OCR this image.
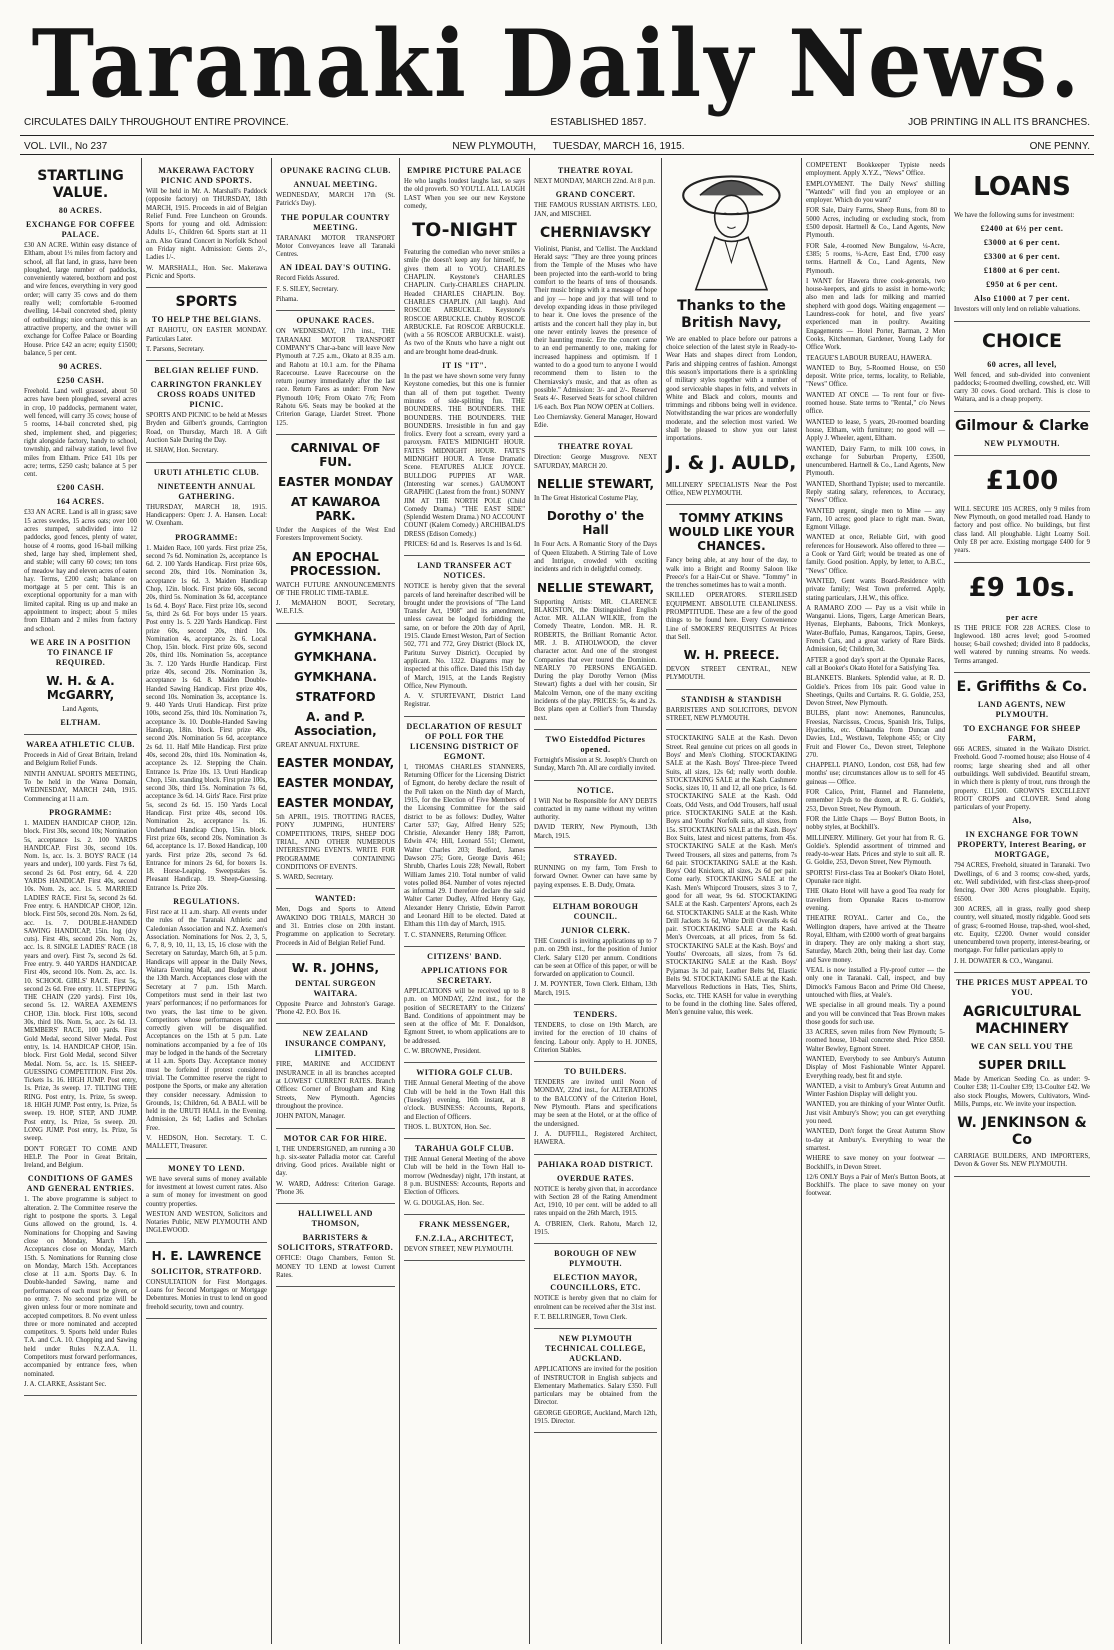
Taranaki Daily News.
CIRCULATES DAILY THROUGHOUT ENTIRE PROVINCE.	ESTABLISHED 1857.	JOB PRINTING IN ALL ITS BRANCHES.
VOL. LVII., No 237	NEW PLYMOUTH, TUESDAY, MARCH 16, 1915.	ONE PENNY.
STARTLING VALUE.
80 ACRES.
EXCHANGE FOR COFFEE PALACE.

£30 AN ACRE. Within easy distance of Eltham, about 1½ miles from factory and school, all flat land, in grass, have been ploughed, large number of paddocks, conveniently watered, boxthorn and post and wire fences, everything in very good order; will carry 35 cows and do them really well; comfortable 6-roomed dwelling, 14-bail concreted shed, plenty of outbuildings; nice orchard; this is an attractive property, and the owner will exchange for Coffee Palace or Boarding House. Price £42 an acre; equity £1500; balance, 5 per cent.

90 ACRES.
£250 CASH.

Freehold. Land well grassed, about 50 acres have been ploughed, several acres in crop, 10 paddocks, permanent water, well fenced, will carry 35 cows; house of 5 rooms, 14-bail concreted shed, pig shed, implement shed, and piggeries; right alongside factory, handy to school, township, and railway station, level five miles from Eltham. Price £41 10s per acre; terms, £250 cash; balance at 5 per cent.

£200 CASH.
164 ACRES.

£33 AN ACRE. Land is all in grass; save 15 acres swedes, 15 acres oats; over 100 acres stumped, subdivided into 12 paddocks, good fences, plenty of water, house of 4 rooms, good 16-bail milking shed, large hay shed, implement shed, and stable; will carry 60 cows; ten tons of meadow hay and eleven acres of oaten hay. Terms, £200 cash; balance on mortgage at 5 per cent. This is an exceptional opportunity for a man with limited capital. Ring us up and make an appointment to inspect; about 5 miles from Eltham and 2 miles from factory and school.

WE ARE IN A POSITION TO FINANCE IF REQUIRED.
W. H. & A. McGARRY,
Land Agents,
ELTHAM.
WAREA ATHLETIC CLUB.

Proceeds in Aid of Great Britain, Ireland and Belgium Relief Funds.

NINTH ANNUAL SPORTS MEETING, To be held in the Warea Domain, WEDNESDAY, MARCH 24th, 1915. Commencing at 11 a.m.

PROGRAMME:

1. MAIDEN HANDICAP CHOP, 12in. block. First 30s, second 10s; Nomination 5s, acceptance 1s. 2. 100 YARDS HANDICAP. First 30s, second 10s. Nom. 1s, acc. 1s. 3. BOYS' RACE (14 years and under), 100 yards. First 7s 6d, second 2s 6d. Post entry, 6d. 4. 220 YARDS HANDICAP. First 40s, second 10s. Nom. 2s, acc. 1s. 5. MARRIED LADIES' RACE. First 5s, second 2s 6d. Free entry. 6. HANDICAP CHOP, 12in. block. First 50s, second 20s. Nom. 2s 6d, acc. 1s. 7. DOUBLE-HANDED SAWING HANDICAP, 15in. log (dry cuts). First 40s, second 20s. Nom. 2s, acc. 1s. 8. SINGLE LADIES' RACE (18 years and over). First 7s, second 2s 6d. Free entry. 9. 440 YARDS HANDICAP. First 40s, second 10s. Nom. 2s, acc. 1s. 10. SCHOOL GIRLS' RACE. First 5s, second 2s 6d. Free entry. 11. STEPPING THE CHAIN (220 yards). First 10s, second 5s. 12. WAREA AXEMEN'S CHOP, 13in. block. First 100s, second 30s, third 10s. Nom. 5s, acc. 2s 6d. 13. MEMBERS' RACE, 100 yards. First Gold Medal, second Silver Medal. Post entry, 1s. 14. HANDICAP CHOP, 15in. block. First Gold Medal, second Silver Medal. Nom. 5s, acc. 1s. 15. SHEEP-GUESSING COMPETITION. First 20s. Tickets 1s. 16. HIGH JUMP. Post entry, 1s. Prize, 3s sweep. 17. TILTING THE RING. Post entry, 1s. Prize, 5s sweep. 18. HIGH JUMP. Post entry, 1s. Prize, 5s sweep. 19. HOP, STEP, AND JUMP. Post entry, 1s. Prize, 5s sweep. 20. LONG JUMP. Post entry, 1s. Prize, 5s sweep.

DON'T FORGET TO COME AND HELP. The Poor in Great Britain, Ireland, and Belgium.

CONDITIONS OF GAMES AND GENERAL ENTRIES.

1. The above programme is subject to alteration. 2. The Committee reserve the right to postpone the sports. 3. Legal Guns allowed on the ground, 1s. 4. Nominations for Chopping and Sawing close on Monday, March 15th. Acceptances close on Monday, March 15th. 5. Nominations for Running close on Monday, March 15th. Acceptances close at 11 a.m. Sports Day. 6. In Double-handed Sawing, name and performances of each must be given, or no entry. 7. No second prize will be given unless four or more nominate and accepted competitors. 8. No event unless three or more nominated and accepted competitors. 9. Sports held under Rules T.A. and C.A. 10. Chopping and Sawing held under Rules N.Z.A.A. 11. Competitors must forward performances, accompanied by entrance fees, when nominated.

J. A. CLARKE, Assistant Sec.

MAKERAWA FACTORY PICNIC AND SPORTS.

Will be held in Mr. A. Marshall's Paddock (opposite factory) on THURSDAY, 18th MARCH, 1915. Proceeds in aid of Belgian Relief Fund. Free Luncheon on Grounds. Sports for young and old. Admission: Adults 1/-, Children 6d. Sports start at 11 a.m. Also Grand Concert in Norfolk School on Friday night. Admission: Gents 2/-, Ladies 1/-.

W. MARSHALL, Hon. Sec. Makerawa Picnic and Sports.

SPORTS
TO HELP THE BELGIANS.

AT RAHOTU, ON EASTER MONDAY. Particulars Later.

T. Parsons, Secretary.

BELGIAN RELIEF FUND.
CARRINGTON FRANKLEY CROSS ROADS UNITED PICNIC.

SPORTS AND PICNIC to be held at Messrs Bryden and Gilbert's grounds, Carrington Road, on Thursday, March 18. A Gift Auction Sale During the Day.

H. SHAW, Hon. Secretary.

URUTI ATHLETIC CLUB.
NINETEENTH ANNUAL GATHERING.

THURSDAY, MARCH 18, 1915. Handicappers: Open: J. A. Hansen. Local: W. Oxenham.

PROGRAMME:

1. Maiden Race, 100 yards. First prize 25s, second 7s 6d. Nomination 2s, acceptance 1s 6d. 2. 100 Yards Handicap. First prize 60s, second 20s, third 10s. Nomination 3s, acceptance 1s 6d. 3. Maiden Handicap Chop, 12in. block. First prize 60s, second 20s, third 5s. Nomination 3s 6d, acceptance 1s 6d. 4. Boys' Race. First prize 10s, second 5s, third 2s 6d. For boys under 15 years. Post entry 1s. 5. 220 Yards Handicap. First prize 60s, second 20s, third 10s. Nomination 4s, acceptance 2s. 6. Local Chop, 15in. block. First prize 60s, second 20s, third 10s. Nomination 5s, acceptance 3s. 7. 120 Yards Hurdle Handicap. First prize 40s, second 20s. Nomination 3s, acceptance 1s 6d. 8. Maiden Double-Handed Sawing Handicap. First prize 40s, second 10s. Nomination 3s, acceptance 1s. 9. 440 Yards Uruti Handicap. First prize 100s, second 25s, third 10s. Nomination 7s, acceptance 3s. 10. Double-Handed Sawing Handicap, 18in. block. First prize 40s, second 20s. Nomination 5s 6d, acceptance 2s 6d. 11. Half Mile Handicap. First prize 40s, second 20s, third 10s. Nomination 4s, acceptance 2s. 12. Stepping the Chain. Entrance 1s. Prize 10s. 13. Uruti Handicap Chop, 15in. standing block. First prize 100s, second 30s, third 15s. Nomination 7s 6d, acceptance 3s 6d. 14. Girls' Race. First prize 5s, second 2s 6d. 15. 150 Yards Local Handicap. First prize 40s, second 10s. Nomination 2s, acceptance 1s. 16. Underhand Handicap Chop, 15in. block. First prize 60s, second 20s. Nomination 3s 6d, acceptance 1s. 17. Boxed Handicap, 100 yards. First prize 20s, second 7s 6d. Entrance for minors 2s 6d, for boxers 1s. 18. Horse-Leaping. Sweepstakes 5s. Pleasant Handicap. 19. Sheep-Guessing. Entrance 1s. Prize 20s.

REGULATIONS.

First race at 11 a.m. sharp. All events under the rules of the Taranaki Athletic and Caledonian Association and N.Z. Axemen's Association. Nominations for Nos. 2, 3, 5, 6, 7, 8, 9, 10, 11, 13, 15, 16 close with the Secretary on Saturday, March 6th, at 5 p.m. Handicaps will appear in the Daily News, Waitara Evening Mail, and Budget about the 13th March. Acceptances close with the Secretary at 7 p.m. 15th March. Competitors must send in their last two years' performances; if no performances for two years, the last time to be given. Competitors whose performances are not correctly given will be disqualified. Acceptances on the 15th at 5 p.m. Late nominations accompanied by a fee of 10s may be lodged in the hands of the Secretary at 11 a.m. Sports Day. Acceptance money must be forfeited if protest considered trivial. The Committee reserve the right to postpone the Sports, or make any alteration they consider necessary. Admission to Grounds, 1s; Children, 6d. A BALL will be held in the URUTI HALL in the Evening. Admission, 2s 6d; Ladies and Scholars Free.

V. HEDSON, Hon. Secretary. T. C. MALLETT, Treasurer.

MONEY TO LEND.

WE have several sums of money available for investment at lowest current rates. Also a sum of money for investment on good country properties.

WESTON AND WESTON, Solicitors and Notaries Public, NEW PLYMOUTH AND INGLEWOOD.

H. E. LAWRENCE
SOLICITOR, STRATFORD.

CONSULTATION for First Mortgages. Loans for Second Mortgages or Mortgage Debentures. Monies in trust to lend on good freehold security, town and country.

OPUNAKE RACING CLUB.
ANNUAL MEETING.

WEDNESDAY, MARCH 17th (St. Patrick's Day).

THE POPULAR COUNTRY MEETING.

TARANAKI MOTOR TRANSPORT Motor Conveyances leave all Taranaki Centres.

AN IDEAL DAY'S OUTING.

Record Fields Assured.

F. S. SILEY, Secretary.

Pihama.

OPUNAKE RACES.

ON WEDNESDAY, 17th inst., THE TARANAKI MOTOR TRANSPORT COMPANY'S Char-a-banc will leave New Plymouth at 7.25 a.m., Okato at 8.35 a.m. and Rahotu at 10.1 a.m. for the Pihama Racecourse. Leave Racecourse on the return journey immediately after the last race. Return Fares as under: From New Plymouth 10/6; From Okato 7/6; From Rahotu 6/6. Seats may be booked at the Criterion Garage, Liardet Street. 'Phone 125.

CARNIVAL OF FUN.
EASTER MONDAY
AT KAWAROA PARK.

Under the Auspices of the West End Foresters Improvement Society.

AN EPOCHAL PROCESSION.

WATCH FUTURE ANNOUNCEMENTS OF THE FROLIC TIME-TABLE.

J. McMAHON BOOT, Secretary, W.E.F.I.S.

GYMKHANA.
GYMKHANA.
GYMKHANA.
STRATFORD
A. and P. Association,

GREAT ANNUAL FIXTURE.

EASTER MONDAY,
EASTER MONDAY,
EASTER MONDAY,

5th APRIL, 1915. TROTTING RACES, PONY JUMPING, HUNTERS' COMPETITIONS, TRIPS, SHEEP DOG TRIAL, AND OTHER NUMEROUS INTERESTING EVENTS. WRITE FOR PROGRAMME CONTAINING CONDITIONS OF EVENTS.

S. WARD, Secretary.

WANTED:

Men, Dogs and Sports to Attend AWAKINO DOG TRIALS, MARCH 30 and 31. Entries close on 20th instant. Programme on application to Secretary. Proceeds in Aid of Belgian Relief Fund.

W. R. JOHNS,
DENTAL SURGEON WAITARA.

Opposite Pearce and Johnston's Garage. 'Phone 42. P.O. Box 16.

NEW ZEALAND INSURANCE COMPANY, LIMITED.

FIRE, MARINE and ACCIDENT INSURANCE in all its branches accepted at LOWEST CURRENT RATES. Branch Offices: Corner of Brougham and King Streets, New Plymouth. Agencies throughout the province.

JOHN PATON, Manager.

MOTOR CAR FOR HIRE.

I, THE UNDERSIGNED, am running a 30 h.p. six-seater Palladia motor car. Careful driving. Good prices. Available night or day.

W. WARD, Address: Criterion Garage. 'Phone 36.

HALLIWELL AND THOMSON,
BARRISTERS & SOLICITORS, STRATFORD.

OFFICE: Otago Chambers, Fenton St. MONEY TO LEND at lowest Current Rates.

EMPIRE PICTURE PALACE

He who laughs loudest laughs last, so says the old proverb. SO YOU'LL ALL LAUGH LAST When you see our new Keystone comedy,

TO-NIGHT

Featuring the comedian who never smiles a smile (he doesn't keep any for himself, he gives them all to YOU). CHARLES CHAPLIN. Keystone's CHARLES CHAPLIN. Curly-CHARLES CHAPLIN. Headed CHARLES CHAPLIN. Boy. CHARLES CHAPLIN. (All laugh). And ROSCOE ARBUCKLE. Keystone's ROSCOE ARBUCKLE. Chubby ROSCOE ARBUCKLE. Fat ROSCOE ARBUCKLE. (with a 56 ROSCOE ARBUCKLE. waist). As two of the Knuts who have a night out and are brought home dead-drunk.

IT IS "IT".

In the past we have shown some very funny Keystone comedies, but this one is funnier than all of them put together. Twenty minutes of side-splitting fun. THE BOUNDERS. THE BOUNDERS. THE BOUNDERS. THE BOUNDERS. THE BOUNDERS. Irresistible in fun and gay frolics. Every foot a scream, every yard a paroxysm. FATE'S MIDNIGHT HOUR. FATE'S MIDNIGHT HOUR. FATE'S MIDNIGHT HOUR. A Tense Dramatic Scene. FEATURES ALICE JOYCE. BULLDOG PUPPIES AT WAR. (Interesting war scenes.) GAUMONT GRAPHIC (Latest from the front.) SONNY JIM AT THE NORTH POLE (Child Comedy Drama.) "THE EAST SIDE" (Splendid Western Drama.) NO ACCOUNT COUNT (Kalem Comedy.) ARCHIBALD'S DRESS (Edison Comedy.)

PRICES: 6d and 1s. Reserves 1s and 1s 6d.

LAND TRANSFER ACT NOTICES.

NOTICE is hereby given that the several parcels of land hereinafter described will be brought under the provisions of "The Land Transfer Act, 1908" and its amendment, unless caveat be lodged forbidding the same, on or before the 20th day of April, 1915. Claude Ernest Weston, Part of Section 502, 771 and 772, Grey District (Block IX, Paritutu Survey District). Occupied by applicant. No. 1322. Diagrams may be inspected at this office. Dated this 15th day of March, 1915, at the Lands Registry Office, New Plymouth.

A. V. STURTEVANT, District Land Registrar.

DECLARATION OF RESULT OF POLL FOR THE LICENSING DISTRICT OF EGMONT.

I, THOMAS CHARLES STANNERS, Returning Officer for the Licensing District of Egmont, do hereby declare the result of the Poll taken on the Ninth day of March, 1915, for the Election of Five Members of the Licensing Committee for the said district to be as follows: Dudley, Walter Carter 537; Gay, Alfred Henry 525; Christie, Alexander Henry 188; Parrott, Edwin 474; Hill, Leonard 551; Clement, Walter Charles 203; Bedford, James Dawson 275; Gore, George Davis 461; Shrubb, Charles Louis 228; Newall, Robert William James 210. Total number of valid votes polled 864. Number of votes rejected as informal 29. I therefore declare the said Walter Carter Dudley, Alfred Henry Gay, Alexander Henry Christie, Edwin Parrott and Leonard Hill to be elected. Dated at Eltham this 11th day of March, 1915.

T. C. STANNERS, Returning Officer.

CITIZENS' BAND.
APPLICATIONS FOR SECRETARY.

APPLICATIONS will be received up to 8 p.m. on MONDAY, 22nd inst., for the position of SECRETARY to the Citizens' Band. Conditions of appointment may be seen at the office of Mr. F. Donaldson, Egmont Street, to whom applications are to be addressed.

C. W. BROWNE, President.

WITIORA GOLF CLUB.

THE Annual General Meeting of the above Club will be held in the Town Hall this (Tuesday) evening, 16th instant, at 8 o'clock. BUSINESS: Accounts, Reports, and Election of Officers.

THOS. L. BUXTON, Hon. Sec.

TARAHUA GOLF CLUB.

THE Annual General Meeting of the above Club will be held in the Town Hall to-morrow (Wednesday) night, 17th instant, at 8 p.m. BUSINESS: Accounts, Reports and Election of Officers.

W. G. DOUGLAS, Hon. Sec.

FRANK MESSENGER,
F.N.Z.I.A., ARCHITECT,

DEVON STREET, NEW PLYMOUTH.

THEATRE ROYAL

NEXT MONDAY, MARCH 22nd. At 8 p.m.

GRAND CONCERT.

THE FAMOUS RUSSIAN ARTISTS. LEO, JAN, and MISCHEL

CHERNIAVSKY

Violinist, Pianist, and 'Cellist. The Auckland Herald says: "They are three young princes from the Temple of the Muses who have been projected into the earth-world to bring comfort to the hearts of tens of thousands. Their music brings with it a message of hope and joy — hope and joy that will tend to develop expanding ideas in those privileged to hear it. One loves the presence of the artists and the concert hall they play in, but one never entirely leaves the presence of their haunting music. Ere the concert came to an end permanently to one, making for increased happiness and optimism. If I wanted to do a good turn to anyone I would recommend them to listen to the Cherniavsky's music, and that as often as possible." Admission: 3/- and 2/-. Reserved Seats 4/-. Reserved Seats for school children 1/6 each. Box Plan NOW OPEN at Colliers.

Leo Cherniavsky. General Manager, Howard Edie.

THEATRE ROYAL

Direction: George Musgrove. NEXT SATURDAY, MARCH 20.

NELLIE STEWART,

In The Great Historical Costume Play,

Dorothy o' the Hall

In Four Acts. A Romantic Story of the Days of Queen Elizabeth. A Stirring Tale of Love and Intrigue, crowded with exciting incidents and rich in delightful comedy.

NELLIE STEWART,

Supporting Artists: MR. CLARENCE BLAKISTON, the Distinguished English Actor. MR. ALLAN WILKIE, from the Comedy Theatre, London. MR. H. R. ROBERTS, the Brilliant Romantic Actor. MR. J. B. ATHOLWOOD, the clever character actor. And one of the strongest Companies that ever toured the Dominion. NEARLY 70 PERSONS ENGAGED. During the play Dorothy Vernon (Miss Stewart) fights a duel with her cousin, Sir Malcolm Vernon, one of the many exciting incidents of the play. PRICES: 5s, 4s and 2s. Box plans open at Collier's from Thursday next.

TWO Eisteddfod Pictures opened.

Fortnight's Mission at St. Joseph's Church on Sunday, March 7th. All are cordially invited.

NOTICE.

I Will Not be Responsible for ANY DEBTS contracted in my name without my written authority.

DAVID TERRY, New Plymouth, 13th March, 1915.

STRAYED.

RUNNING on my farm, Tom Fresh to forward Owner. Owner can have same by paying expenses. E. B. Dudy, Omata.

ELTHAM BOROUGH COUNCIL.
JUNIOR CLERK.

THE Council is inviting applications up to 7 p.m. on 29th inst., for the position of Junior Clerk. Salary £120 per annum. Conditions can be seen at Office of this paper, or will be forwarded on application to Council.

J. M. POYNTER, Town Clerk. Eltham, 13th March, 1915.

TENDERS.

TENDERS, to close on 19th March, are invited for the erection of 10 chains of fencing. Labour only. Apply to H. JONES, Criterion Stables.

TO BUILDERS.

TENDERS are invited until Noon of MONDAY, 22nd inst., for ALTERATIONS to the BALCONY of the Criterion Hotel, New Plymouth. Plans and specifications may be seen at the Hotel, or at the office of the undersigned.

J. A. DUFFILL, Registered Architect, HAWERA.

PAHIAKA ROAD DISTRICT.
OVERDUE RATES.

NOTICE is hereby given that, in accordance with Section 28 of the Rating Amendment Act, 1910, 10 per cent. will be added to all rates unpaid on the 26th March, 1915.

A. O'BRIEN, Clerk. Rahotu, March 12, 1915.

BOROUGH OF NEW PLYMOUTH.
ELECTION MAYOR, COUNCILLORS, ETC.

NOTICE is hereby given that no claim for enrolment can be received after the 31st inst.

F. T. BELLRINGER, Town Clerk.

NEW PLYMOUTH TECHNICAL COLLEGE, AUCKLAND.

APPLICATIONS are invited for the position of INSTRUCTOR in English subjects and Elementary Mathematics. Salary £350. Full particulars may be obtained from the Director.

GEORGE GEORGE, Auckland, March 12th, 1915. Director.

Thanks to the British Navy,

We are enabled to place before our patrons a choice selection of the latest style in Ready-to-Wear Hats and shapes direct from London, Paris and shipping centres of fashion. Amongst this season's importations there is a sprinkling of military styles together with a number of good serviceable shapes in felts, and velvets in White and Black and colors, mounts and trimmings and ribbons being well in evidence. Notwithstanding the war prices are wonderfully moderate, and the selection most varied. We shall be pleased to show you our latest importations.

J. & J. AULD,

MILLINERY SPECIALISTS Near the Post Office, NEW PLYMOUTH.

TOMMY ATKINS WOULD LIKE YOUR CHANCES.

Fancy being able, at any hour of the day, to walk into a Bright and Roomy Saloon like Preece's for a Hair-Cut or Shave. "Tommy" in the trenches sometimes has to wait a month.

SKILLED OPERATORS. STERILISED EQUIPMENT. ABSOLUTE CLEANLINESS. PROMPTITUDE. These are a few of the good things to be found here. Every Convenience Line of SMOKERS' REQUISITES At Prices that Sell.

W. H. PREECE.

DEVON STREET CENTRAL, NEW PLYMOUTH.

STANDISH & STANDISH

BARRISTERS AND SOLICITORS, DEVON STREET, NEW PLYMOUTH.

STOCKTAKING SALE at the Kash. Devon Street. Real genuine cut prices on all goods in Boys' and Men's Clothing. STOCKTAKING SALE at the Kash. Boys' Three-piece Tweed Suits, all sizes, 12s 6d; really worth double. STOCKTAKING SALE at the Kash. Cashmere Socks, sizes 10, 11 and 12, all one price, 1s 6d. STOCKTAKING SALE at the Kash. Odd Coats, Odd Vests, and Odd Trousers, half usual price. STOCKTAKING SALE at the Kash. Boys and Youths' Norfolk suits, all sizes, from 15s. STOCKTAKING SALE at the Kash. Boys' Box Suits, latest and nicest patterns, from 45s. STOCKTAKING SALE at the Kash. Men's Tweed Trousers, all sizes and patterns, from 7s 6d pair. STOCKTAKING SALE at the Kash. Boys' Odd Knickers, all sizes, 2s 6d per pair. Come early. STOCKTAKING SALE at the Kash. Men's Whipcord Trousers, sizes 3 to 7, good for all wear, 9s 6d. STOCKTAKING SALE at the Kash. Carpenters' Aprons, each 2s 6d. STOCKTAKING SALE at the Kash. White Drill Jackets 3s 6d, White Drill Overalls 4s 6d pair. STOCKTAKING SALE at the Kash. Men's Overcoats, at all prices, from 5s 6d. STOCKTAKING SALE at the Kash. Boys' and Youths' Overcoats, all sizes, from 7s 6d. STOCKTAKING SALE at the Kash. Boys' Pyjamas 3s 3d pair, Leather Belts 9d, Elastic Belts 9d. STOCKTAKING SALE at the Kash. Marvellous Reductions in Hats, Ties, Shirts, Socks, etc. THE KASH for value in everything to be found in the clothing line. Sales offered, Men's genuine value, this week.

COMPETENT Bookkeeper Typiste needs employment. Apply X.Y.Z., "News" Office.

EMPLOYMENT. The Daily News' shilling "Wanteds" will find you an employee or an employer. Which do you want?

FOR Sale, Dairy Farms, Sheep Runs, from 80 to 5000 Acres, including or excluding stock, from £500 deposit. Hartnell & Co., Land Agents, New Plymouth.

FOR Sale, 4-roomed New Bungalow, ¼-Acre, £385; 5 rooms, ¼-Acre, East End, £700 easy terms. Hartnell & Co., Land Agents, New Plymouth.

I WANT for Hawera three cook-generals, two house-keepers, and girls to assist in home-work; also men and lads for milking and married shepherd with good dogs. Waiting engagement — Laundress-cook for hotel, and five years' experienced man in poultry. Awaiting Engagements — Hotel Porter, Barman, 2 Men Cooks, Kitchenman, Gardener, Young Lady for Office Work.

TEAGUE'S LABOUR BUREAU, HAWERA.

WANTED to Buy, 5-Roomed House, on £50 deposit. Write price, terms, locality, to Reliable, "News" Office.

WANTED AT ONCE — To rent four or five-roomed house. State terms to "Rental," c/o News office.

WANTED to lease, 5 years, 20-roomed boarding house, Eltham, with furniture; no good will — Apply J. Wheeler, agent, Eltham.

WANTED, Dairy Farm, to milk 100 cows, in exchange for Suburban Property, £3500, unencumbered. Hartnell & Co., Land Agents, New Plymouth.

WANTED, Shorthand Typiste; used to mercantile. Reply stating salary, references, to Accuracy, "News" Office.

WANTED urgent, single men to Mine — any Farm, 10 acres; good place to right man. Swan, Egmont Village.

WANTED at once, Reliable Girl, with good references for Housework. Also offered to three — a Cook or Yard Girl; would be treated as one of family. Good position. Apply, by letter, to A.B.C., "News" Office.

WANTED, Gent wants Board-Residence with private family; West Town preferred. Apply, stating particulars, J.H.W., this office.

A RAMARO ZOO — Pay us a visit while in Wanganui. Lions, Tigers, Large American Bears, Hyenas, Elephants, Baboons, Trick Monkeys, Water-Buffalo, Pumas, Kangaroos, Tapirs, Geese, French Cats, and a great variety of Rare Birds. Admission, 6d; Children, 3d.

AFTER a good day's sport at the Opunake Races, call at Booker's Okato Hotel for a Satisfying Tea.

BLANKETS. Blankets. Splendid value, at R. D. Goldie's. Prices from 10s pair. Good value in Sheetings, Quilts and Curtains. R. G. Goldie, 253, Devon Street, New Plymouth.

BULBS, plant now: Anemones, Ranunculus, Freesias, Narcissus, Crocus, Spanish Iris, Tulips, Hyacinths, etc. Oblaandia from Duncan and Davies, Ltd., Westlawn, Telephone 455; or City Fruit and Flower Co., Devon street, Telephone 270.

CHAPPELL PIANO, London, cost £68, had few months' use; circumstances allow us to sell for 45 guineas — Office.

FOR Calico, Print, Flannel and Flannelette, remember 12yds to the dozen, at R. G. Goldie's, 253, Devon Street, New Plymouth.

FOR the Little Chaps — Boys' Button Boots, in nobby styles, at Bockhill's.

MILLINERY. Millinery. Get your hat from R. G. Goldie's. Splendid assortment of trimmed and ready-to-wear Hats. Prices and style to suit all. R. G. Goldie, 253, Devon Street, New Plymouth.

SPORTS! First-class Tea at Booker's Okato Hotel, Opunake race night.

THE Okato Hotel will have a good Tea ready for travellers from Opunake Races to-morrow evening.

THEATRE ROYAL. Carter and Co., the Wellington drapers, have arrived at the Theatre Royal, Eltham, with £2000 worth of great bargains in drapery. They are only making a short stay, Saturday, March 20th, being their last day. Come and Save money.

VEAL is now installed a Fly-proof cutter — the only one in Taranaki. Call, inspect, and buy Dimock's Famous Bacon and Prime Old Cheese, untouched with flies, at Veale's.

WE specialise in all ground meals. Try a pound and you will be convinced that Teas Brown makes those goods for such use.

33 ACRES, seven miles from New Plymouth; 5-roomed house, 10-bail concrete shed. Price £850. Walter Bewley, Egmont Street.

WANTED, Everybody to see Ambury's Autumn Display of Most Fashionable Winter Apparel. Everything ready, best fit and style.

WANTED, a visit to Ambury's Great Autumn and Winter Fashion Display will delight you.

WANTED, you are thinking of your Winter Outfit. Just visit Ambury's Show; you can get everything you need.

WANTED, Don't forget the Great Autumn Show to-day at Ambury's. Everything to wear the smartest.

WHERE to save money on your footwear — Bockhill's, in Devon Street.

12/6 ONLY Buys a Pair of Men's Button Boots, at Bockhill's. The place to save money on your footwear.

LOANS

We have the following sums for investment:

£2400 at 6½ per cent.
£3000 at 6 per cent.
£3300 at 6 per cent.
£1800 at 6 per cent.
£950 at 6 per cent.
Also £1000 at 7 per cent.

Investors will only lend on reliable valuations.

CHOICE
60 acres, all level,

Well fenced, and sub-divided into convenient paddocks; 6-roomed dwelling, cowshed, etc. Will carry 30 cows. Good orchard. This is close to Waitara, and is a cheap property.

Gilmour & Clarke
NEW PLYMOUTH.
£100

WILL SECURE 105 ACRES, only 9 miles from New Plymouth, on good metalled road. Handy to factory and post office. No buildings, but first class land. All ploughable. Light Loamy Soil. Only £8 per acre. Existing mortgage £400 for 9 years.

£9 10s.
per acre

IS THE PRICE FOR 228 ACRES. Close to Inglewood. 180 acres level; good 5-roomed house; 6-bail cowshed; divided into 8 paddocks, well watered by running streams. No weeds. Terms arranged.

E. Griffiths & Co.
LAND AGENTS, NEW PLYMOUTH.
TO EXCHANGE FOR SHEEP FARM,

666 ACRES, situated in the Waikato District. Freehold. Good 7-roomed house; also House of 4 rooms; large shearing shed and all other outbuildings. Well subdivided. Beautiful stream, in which there is plenty of trout, runs through the property. £11,500. GROWN'S EXCELLENT ROOT CROPS and CLOVER. Send along particulars of your Property.

Also,
IN EXCHANGE FOR TOWN PROPERTY, Interest Bearing, or MORTGAGE,

794 ACRES, Freehold, situated in Taranaki. Two Dwellings, of 6 and 3 rooms; cow-shed, yards, etc. Well subdivided, with first-class sheep-proof fencing. Over 300 Acres ploughable. Equity, £6500.

300 ACRES, all in grass, really good sheep country, well situated, mostly ridgable. Good sets of grass; 6-roomed House, trap-shed, wool-shed, etc. Equity, £2200. Owner would consider unencumbered town property, interest-bearing, or mortgage. For fuller particulars apply to

J. H. DOWATER & CO., Wanganui.

THE PRICES MUST APPEAL TO YOU.
AGRICULTURAL MACHINERY
WE CAN SELL YOU THE
SUPER DRILL

Made by American Seeding Co. as under: 9-Coulter £38; 11-Coulter £39; 13-Coulter £42. We also stock Ploughs, Mowers, Cultivators, Wind-Mills, Pumps, etc. We invite your inspection.

W. JENKINSON & Co

CARRIAGE BUILDERS, AND IMPORTERS, Devon & Gover Sts. NEW PLYMOUTH.
